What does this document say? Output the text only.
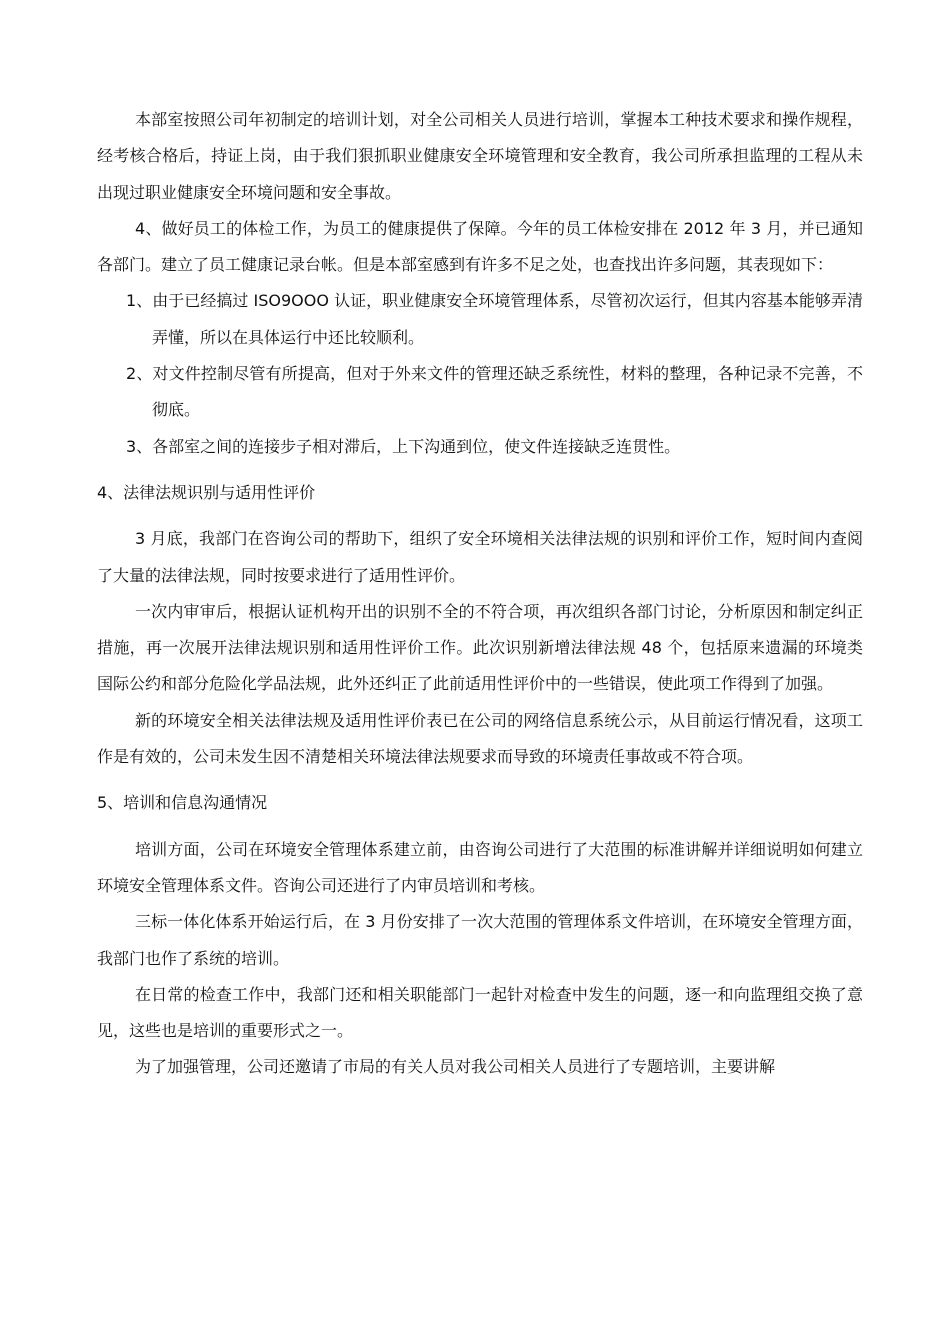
本部室按照公司年初制定的培训计划，对全公司相关人员进行培训，掌握本工种技术要求和操作规程，经考核合格后，持证上岗，由于我们狠抓职业健康安全环境管理和安全教育，我公司所承担监理的工程从未出现过职业健康安全环境问题和安全事故。

4、做好员工的体检工作，为员工的健康提供了保障。今年的员工体检安排在 2012 年 3 月，并已通知各部门。建立了员工健康记录台帐。但是本部室感到有许多不足之处，也查找出许多问题，其表现如下：

1、由于已经搞过 ISO9OOO 认证，职业健康安全环境管理体系，尽管初次运行，但其内容基本能够弄清弄懂，所以在具体运行中还比较顺利。

2、对文件控制尽管有所提高，但对于外来文件的管理还缺乏系统性，材料的整理，各种记录不完善，不彻底。

3、各部室之间的连接步子相对滞后，上下沟通到位，使文件连接缺乏连贯性。

4、法律法规识别与适用性评价

3 月底，我部门在咨询公司的帮助下，组织了安全环境相关法律法规的识别和评价工作，短时间内查阅了大量的法律法规，同时按要求进行了适用性评价。

一次内审审后，根据认证机构开出的识别不全的不符合项，再次组织各部门讨论，分析原因和制定纠正措施，再一次展开法律法规识别和适用性评价工作。此次识别新增法律法规 48 个，包括原来遗漏的环境类国际公约和部分危险化学品法规，此外还纠正了此前适用性评价中的一些错误，使此项工作得到了加强。

新的环境安全相关法律法规及适用性评价表已在公司的网络信息系统公示，从目前运行情况看，这项工作是有效的，公司未发生因不清楚相关环境法律法规要求而导致的环境责任事故或不符合项。

5、培训和信息沟通情况

培训方面，公司在环境安全管理体系建立前，由咨询公司进行了大范围的标准讲解并详细说明如何建立环境安全管理体系文件。咨询公司还进行了内审员培训和考核。

三标一体化体系开始运行后，在 3 月份安排了一次大范围的管理体系文件培训，在环境安全管理方面，我部门也作了系统的培训。

在日常的检查工作中，我部门还和相关职能部门一起针对检查中发生的问题，逐一和向监理组交换了意见，这些也是培训的重要形式之一。

为了加强管理，公司还邀请了市局的有关人员对我公司相关人员进行了专题培训，主要讲解
